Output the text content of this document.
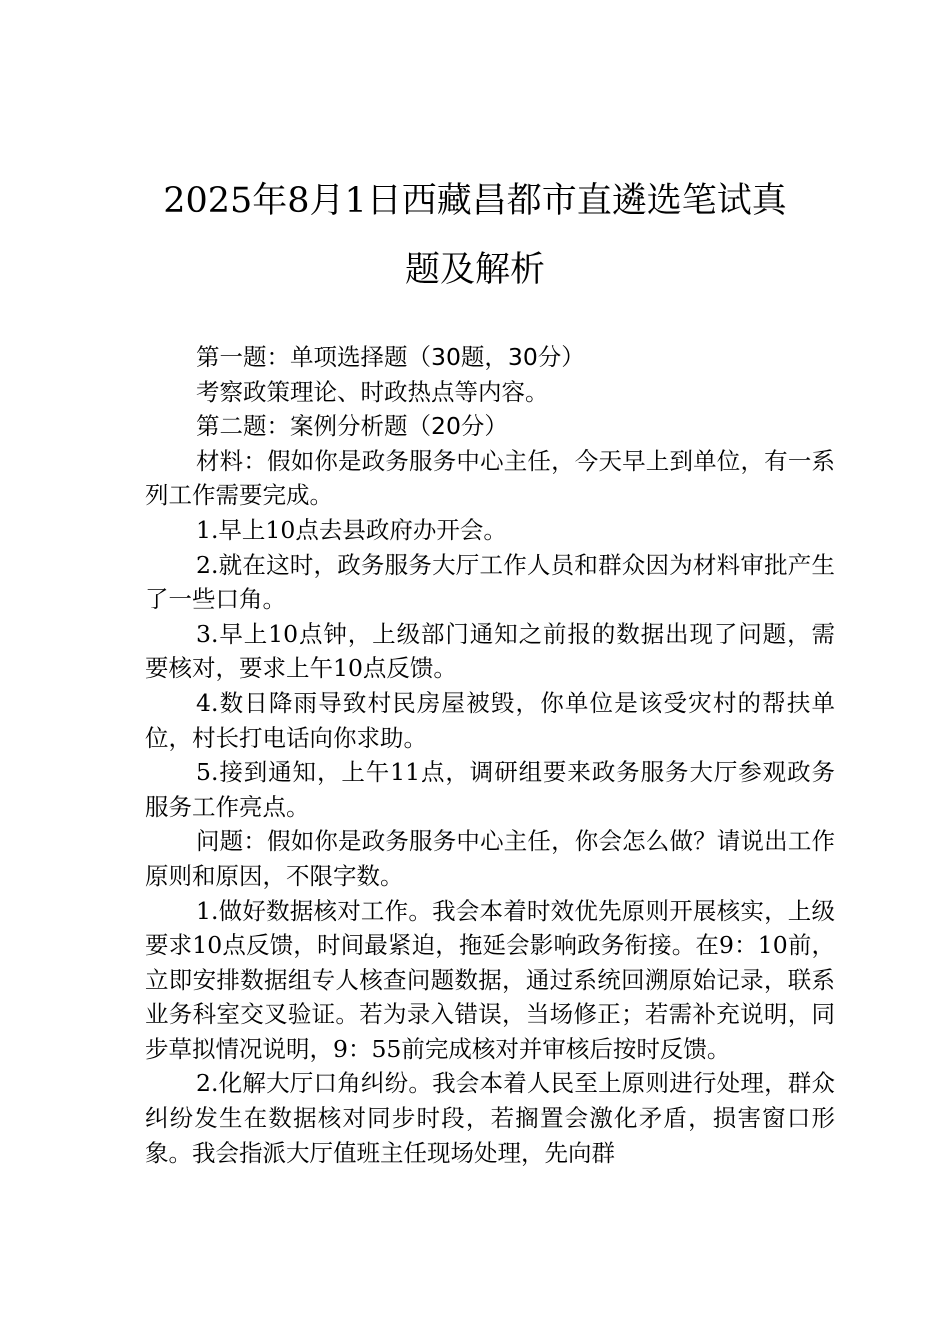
2025年8月1日西藏昌都市直遴选笔试真
题及解析

第一题：单项选择题（30题，30分）

考察政策理论、时政热点等内容。

第二题：案例分析题（20分）

材料：假如你是政务服务中心主任，今天早上到单位，有一系列工作需要完成。

1.早上10点去县政府办开会。

2.就在这时，政务服务大厅工作人员和群众因为材料审批产生了一些口角。

3.早上10点钟，上级部门通知之前报的数据出现了问题，需要核对，要求上午10点反馈。

4.数日降雨导致村民房屋被毁，你单位是该受灾村的帮扶单位，村长打电话向你求助。

5.接到通知，上午11点，调研组要来政务服务大厅参观政务服务工作亮点。

问题：假如你是政务服务中心主任，你会怎么做？请说出工作原则和原因，不限字数。

1.做好数据核对工作。我会本着时效优先原则开展核实，上级要求10点反馈，时间最紧迫，拖延会影响政务衔接。在9：10前，立即安排数据组专人核查问题数据，通过系统回溯原始记录，联系业务科室交叉验证。若为录入错误，当场修正；若需补充说明，同步草拟情况说明，9：55前完成核对并审核后按时反馈。

2.化解大厅口角纠纷。我会本着人民至上原则进行处理，群众纠纷发生在数据核对同步时段，若搁置会激化矛盾，损害窗口形象。我会指派大厅值班主任现场处理，先向群
